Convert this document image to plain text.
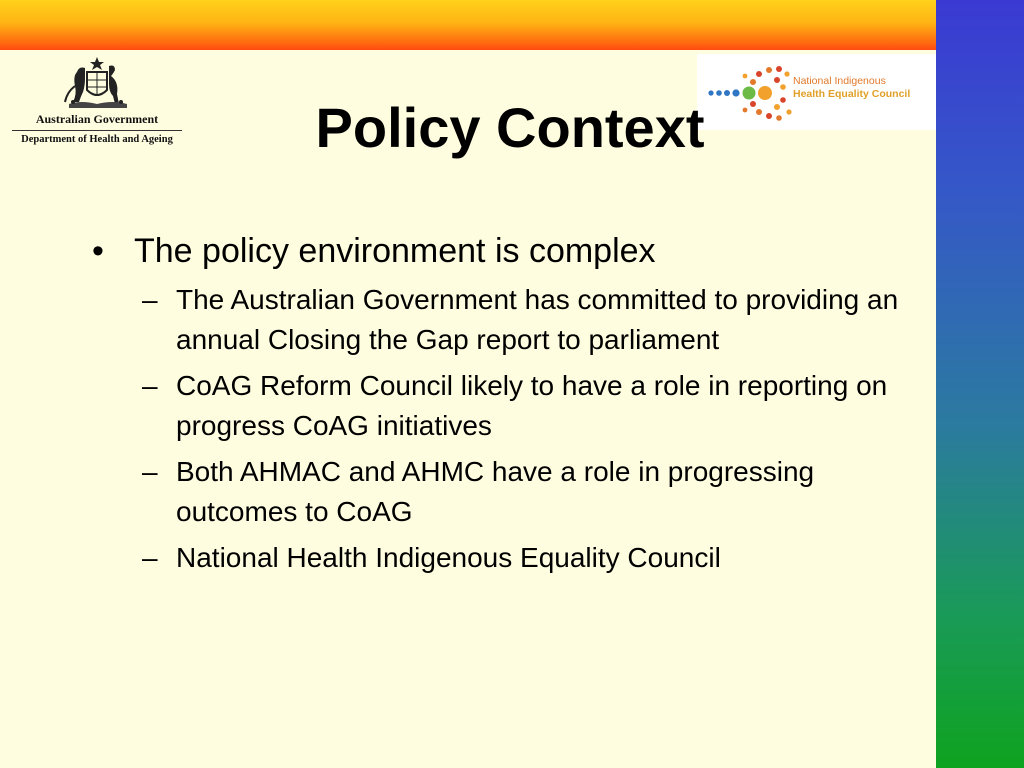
Australian Government
Department of Health and Ageing
National Indigenous
Health Equality Council
Policy Context
• The policy environment is complex
– The Australian Government has committed to providing an annual Closing the Gap report to parliament
– CoAG Reform Council likely to have a role in reporting on progress CoAG initiatives
– Both AHMAC and AHMC have a role in progressing outcomes to CoAG
– National Health Indigenous Equality Council
